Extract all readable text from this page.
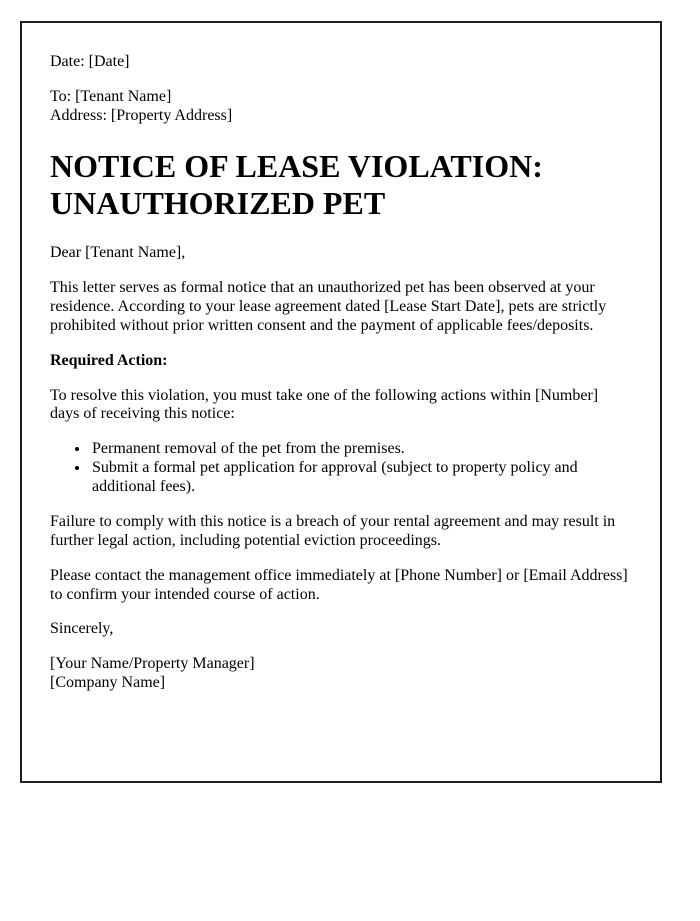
Date: [Date]

To: [Tenant Name]
Address: [Property Address]

NOTICE OF LEASE VIOLATION: UNAUTHORIZED PET

Dear [Tenant Name],

This letter serves as formal notice that an unauthorized pet has been observed at your residence. According to your lease agreement dated [Lease Start Date], pets are strictly prohibited without prior written consent and the payment of applicable fees/deposits.

Required Action:

To resolve this violation, you must take one of the following actions within [Number] days of receiving this notice:

• Permanent removal of the pet from the premises.
• Submit a formal pet application for approval (subject to property policy and additional fees).

Failure to comply with this notice is a breach of your rental agreement and may result in further legal action, including potential eviction proceedings.

Please contact the management office immediately at [Phone Number] or [Email Address] to confirm your intended course of action.

Sincerely,

[Your Name/Property Manager]
[Company Name]
